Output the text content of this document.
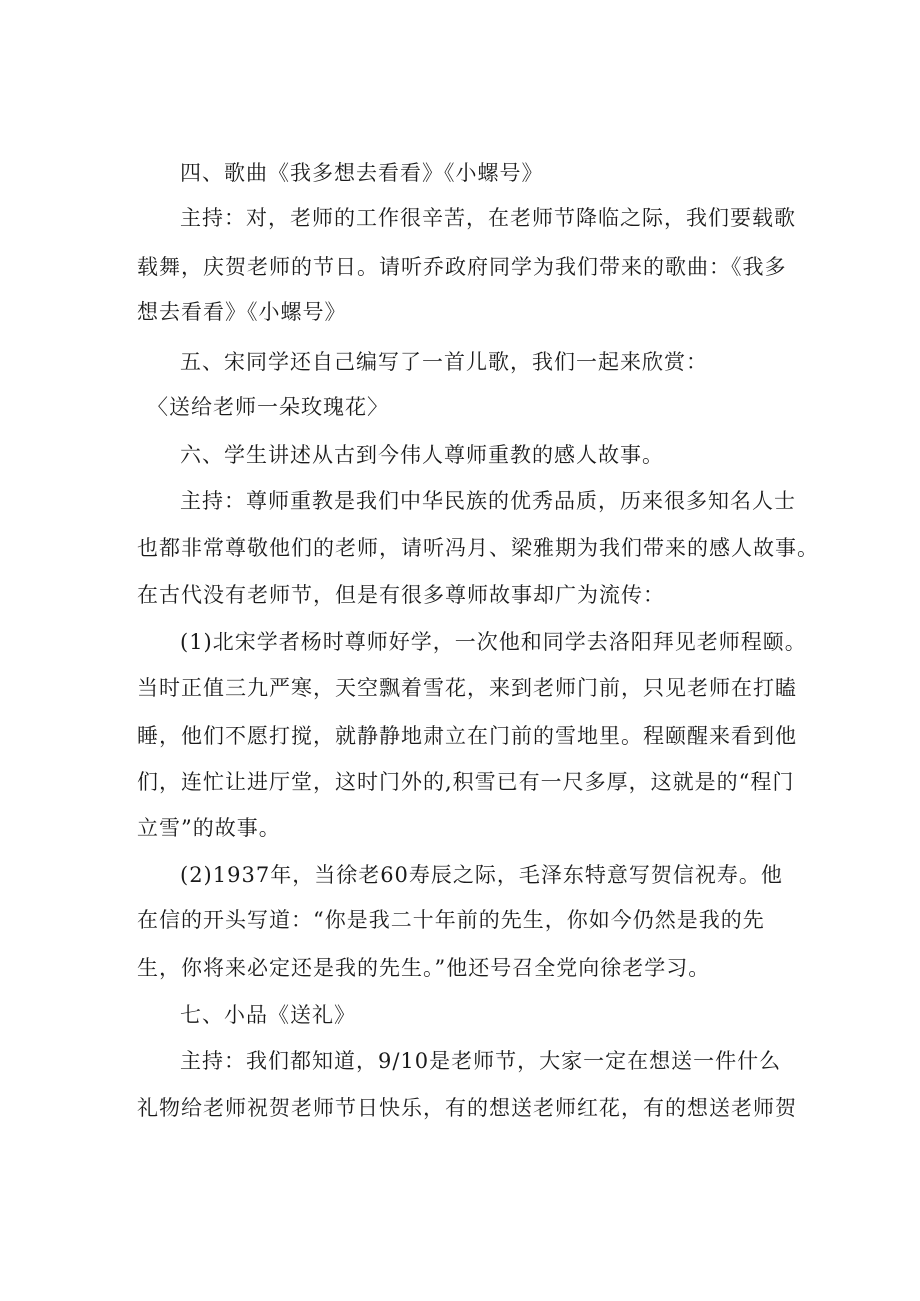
四、歌曲《我多想去看看》《小螺号》
主持：对，老师的工作很辛苦，在老师节降临之际，我们要载歌
载舞，庆贺老师的节日。请听乔政府同学为我们带来的歌曲：《我多
想去看看》《小螺号》
五、宋同学还自己编写了一首儿歌，我们一起来欣赏：
〈送给老师一朵玫瑰花〉
六、学生讲述从古到今伟人尊师重教的感人故事。
主持：尊师重教是我们中华民族的优秀品质，历来很多知名人士
也都非常尊敬他们的老师，请听冯月、梁雅期为我们带来的感人故事。
在古代没有老师节，但是有很多尊师故事却广为流传：
(1)北宋学者杨时尊师好学，一次他和同学去洛阳拜见老师程颐。
当时正值三九严寒，天空飘着雪花，来到老师门前，只见老师在打瞌
睡，他们不愿打搅，就静静地肃立在门前的雪地里。程颐醒来看到他
们，连忙让进厅堂，这时门外的,积雪已有一尺多厚，这就是的“程门
立雪”的故事。
(2)1937年，当徐老60寿辰之际，毛泽东特意写贺信祝寿。他
在信的开头写道：“你是我二十年前的先生，你如今仍然是我的先
生，你将来必定还是我的先生。”他还号召全党向徐老学习。
七、小品《送礼》
主持：我们都知道，9/10是老师节，大家一定在想送一件什么
礼物给老师祝贺老师节日快乐，有的想送老师红花，有的想送老师贺
